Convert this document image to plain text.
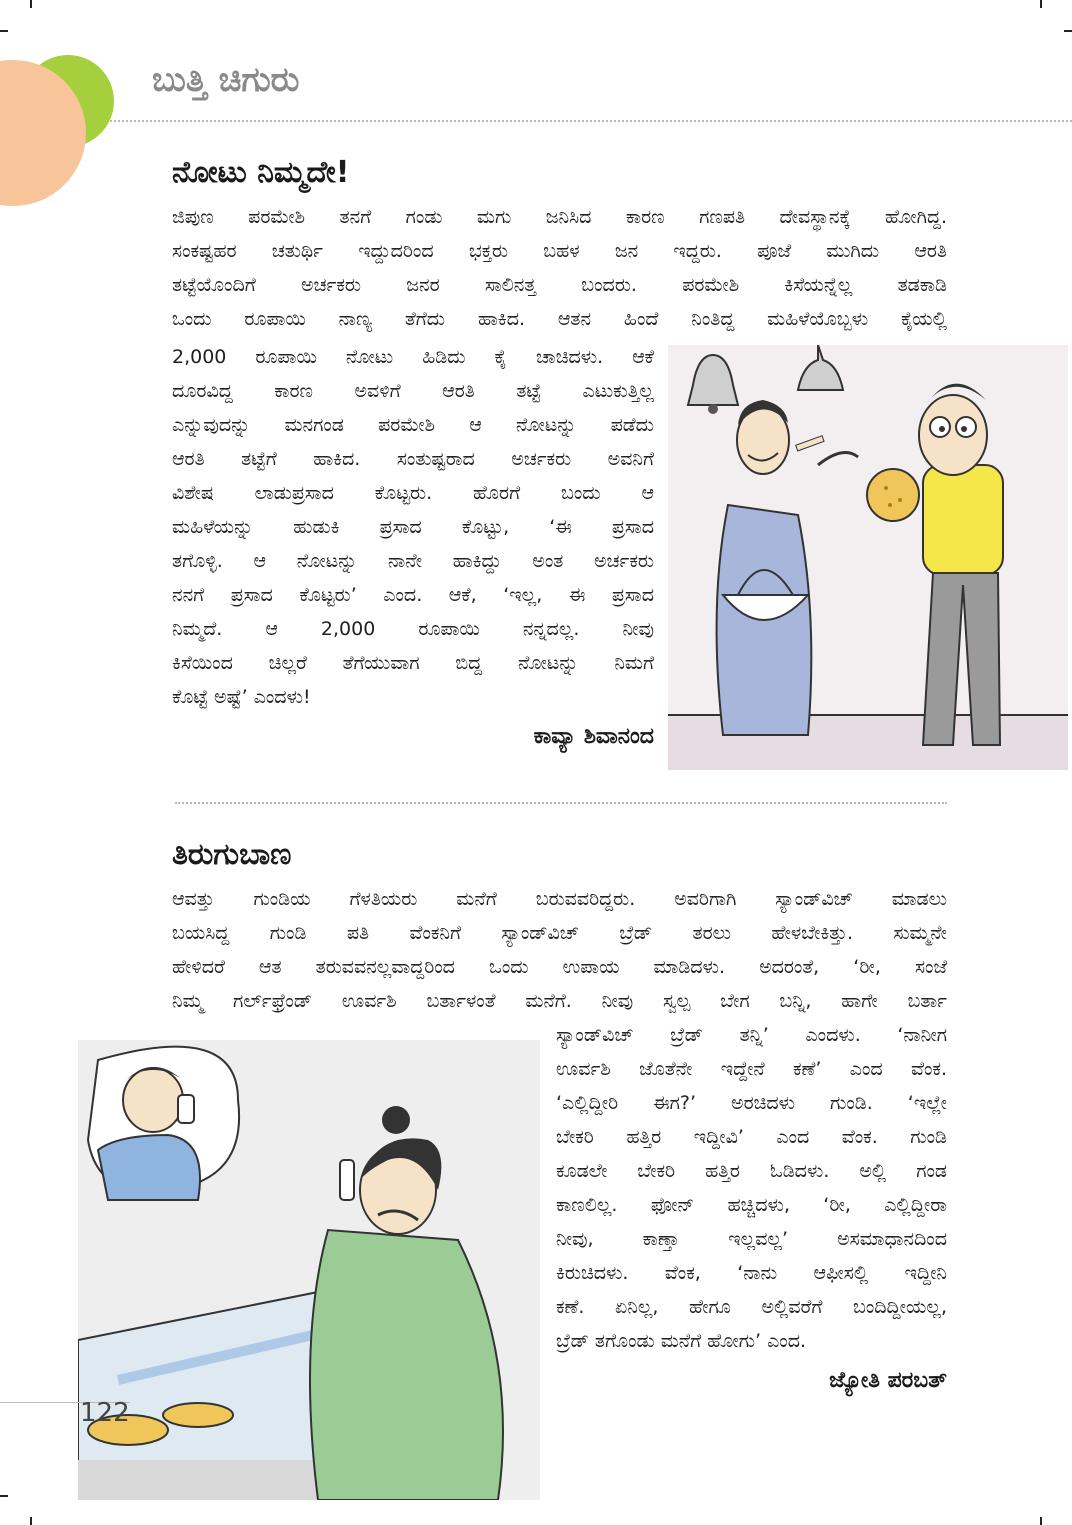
ಬುತ್ತಿ ಚಿಗುರು
ನೋಟು ನಿಮ್ಮದೇ!

ಜಿಪುಣ ಪರಮೇಶಿ ತನಗೆ ಗಂಡು ಮಗು ಜನಿಸಿದ ಕಾರಣ ಗಣಪತಿ ದೇವಸ್ಥಾನಕ್ಕೆ ಹೋಗಿದ್ದ.

ಸಂಕಷ್ಟಹರ ಚತುರ್ಥಿ ಇದ್ದುದರಿಂದ ಭಕ್ತರು ಬಹಳ ಜನ ಇದ್ದರು. ಪೂಜೆ ಮುಗಿದು ಆರತಿ

ತಟ್ಟೆಯೊಂದಿಗೆ ಅರ್ಚಕರು ಜನರ ಸಾಲಿನತ್ತ ಬಂದರು. ಪರಮೇಶಿ ಕಿಸೆಯನ್ನೆಲ್ಲ ತಡಕಾಡಿ

ಒಂದು ರೂಪಾಯಿ ನಾಣ್ಯ ತೆಗೆದು ಹಾಕಿದ. ಆತನ ಹಿಂದೆ ನಿಂತಿದ್ದ ಮಹಿಳೆಯೊಬ್ಬಳು ಕೈಯಲ್ಲಿ

2,000 ರೂಪಾಯಿ ನೋಟು ಹಿಡಿದು ಕೈ ಚಾಚಿದಳು. ಆಕೆ

ದೂರವಿದ್ದ ಕಾರಣ ಅವಳಿಗೆ ಆರತಿ ತಟ್ಟೆ ಎಟುಕುತ್ತಿಲ್ಲ

ಎನ್ನುವುದನ್ನು ಮನಗಂಡ ಪರಮೇಶಿ ಆ ನೋಟನ್ನು ಪಡೆದು

ಆರತಿ ತಟ್ಟೆಗೆ ಹಾಕಿದ. ಸಂತುಷ್ಟರಾದ ಅರ್ಚಕರು ಅವನಿಗೆ

ವಿಶೇಷ ಲಾಡುಪ್ರಸಾದ ಕೊಟ್ಟರು. ಹೊರಗೆ ಬಂದು ಆ

ಮಹಿಳೆಯನ್ನು ಹುಡುಕಿ ಪ್ರಸಾದ ಕೊಟ್ಟು, ‘ಈ ಪ್ರಸಾದ

ತಗೊಳ್ಳಿ. ಆ ನೋಟನ್ನು ನಾನೇ ಹಾಕಿದ್ದು ಅಂತ ಅರ್ಚಕರು

ನನಗೆ ಪ್ರಸಾದ ಕೊಟ್ಟರು’ ಎಂದ. ಆಕೆ, ‘ಇಲ್ಲ, ಈ ಪ್ರಸಾದ

ನಿಮ್ಮದೆ. ಆ 2,000 ರೂಪಾಯಿ ನನ್ನದಲ್ಲ. ನೀವು

ಕಿಸೆಯಿಂದ ಚಿಲ್ಲರೆ ತೆಗೆಯುವಾಗ ಬಿದ್ದ ನೋಟನ್ನು ನಿಮಗೆ

ಕೊಟ್ಟೆ ಅಷ್ಟೆ’ ಎಂದಳು!

ಕಾವ್ಯಾ ಶಿವಾನಂದ
ತಿರುಗುಬಾಣ

ಆವತ್ತು ಗುಂಡಿಯ ಗೆಳತಿಯರು ಮನೆಗೆ ಬರುವವರಿದ್ದರು. ಅವರಿಗಾಗಿ ಸ್ಯಾಂಡ್‌ವಿಚ್ ಮಾಡಲು

ಬಯಸಿದ್ದ ಗುಂಡಿ ಪತಿ ವೆಂಕನಿಗೆ ಸ್ಯಾಂಡ್‌ವಿಚ್ ಬ್ರೆಡ್ ತರಲು ಹೇಳಬೇಕಿತ್ತು. ಸುಮ್ಮನೇ

ಹೇಳಿದರೆ ಆತ ತರುವವನಲ್ಲವಾದ್ದರಿಂದ ಒಂದು ಉಪಾಯ ಮಾಡಿದಳು. ಅದರಂತೆ, ‘ರೀ, ಸಂಜೆ

ನಿಮ್ಮ ಗರ್ಲ್‌ಫ್ರೆಂಡ್ ಊರ್ವಶಿ ಬರ್ತಾಳಂತೆ ಮನೆಗೆ. ನೀವು ಸ್ವಲ್ಪ ಬೇಗ ಬನ್ನಿ, ಹಾಗೇ ಬರ್ತಾ

ಸ್ಯಾಂಡ್‌ವಿಚ್ ಬ್ರೆಡ್ ತನ್ನಿ’ ಎಂದಳು. ‘ನಾನೀಗ

ಊರ್ವಶಿ ಜೊತೆನೇ ಇದ್ದೇನೆ ಕಣೆ’ ಎಂದ ವೆಂಕ.

‘ಎಲ್ಲಿದ್ದೀರಿ ಈಗ?’ ಅರಚಿದಳು ಗುಂಡಿ. ‘ಇಲ್ಲೇ

ಬೇಕರಿ ಹತ್ತಿರ ಇದ್ದೀವಿ’ ಎಂದ ವೆಂಕ. ಗುಂಡಿ

ಕೂಡಲೇ ಬೇಕರಿ ಹತ್ತಿರ ಓಡಿದಳು. ಅಲ್ಲಿ ಗಂಡ

ಕಾಣಲಿಲ್ಲ. ಫೋನ್ ಹಚ್ಚಿದಳು, ‘ರೀ, ಎಲ್ಲಿದ್ದೀರಾ

ನೀವು, ಕಾಣ್ತಾ ಇಲ್ಲವಲ್ಲ’ ಅಸಮಾಧಾನದಿಂದ

ಕಿರುಚಿದಳು. ವೆಂಕ, ‘ನಾನು ಆಫೀಸಲ್ಲಿ ಇದ್ದೀನಿ

ಕಣೆ. ಏನಿಲ್ಲ, ಹೇಗೂ ಅಲ್ಲಿವರೆಗೆ ಬಂದಿದ್ದೀಯಲ್ಲ,

ಬ್ರೆಡ್ ತಗೊಂಡು ಮನೆಗೆ ಹೋಗು’ ಎಂದ.

ಜ್ಯೋತಿ ಪರಬತ್
122
